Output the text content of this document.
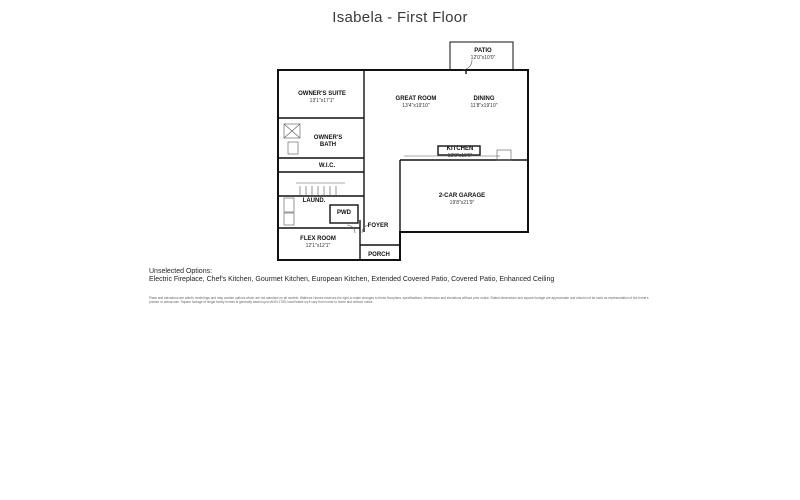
Isabela - First Floor
PATIO
12'0"x10'0"
OWNER'S SUITE
13'1"x17'1"	GREAT ROOM
13'4"x19'10"
DINING
11'8"x19'10"
OWNER'S BATH
KITCHEN
13'8"x10'6"
W.I.C.
2-CAR GARAGE
19'8"x21'9"
LAUND.
PWD
FOYER
FLEX ROOM
12'1"x12'1"
PORCH
Unselected Options:
Electric Fireplace, Chef's Kitchen, Gourmet Kitchen, European Kitchen, Extended Covered Patio, Covered Patio, Enhanced Ceiling
Plans and elevations are artist's renderings and may contain options which are not standard on all models. Wathens Homes reserves the right to make changes to these floorplans, specifications, dimensions and elevations without prior notice. Stated dimensions and square footage are approximate and should not be used as representation of the home's precise or actual size. Square footage of single family homes is generally based upon ANSI Z765; total livable sq ft vary from home to home and without notice.
